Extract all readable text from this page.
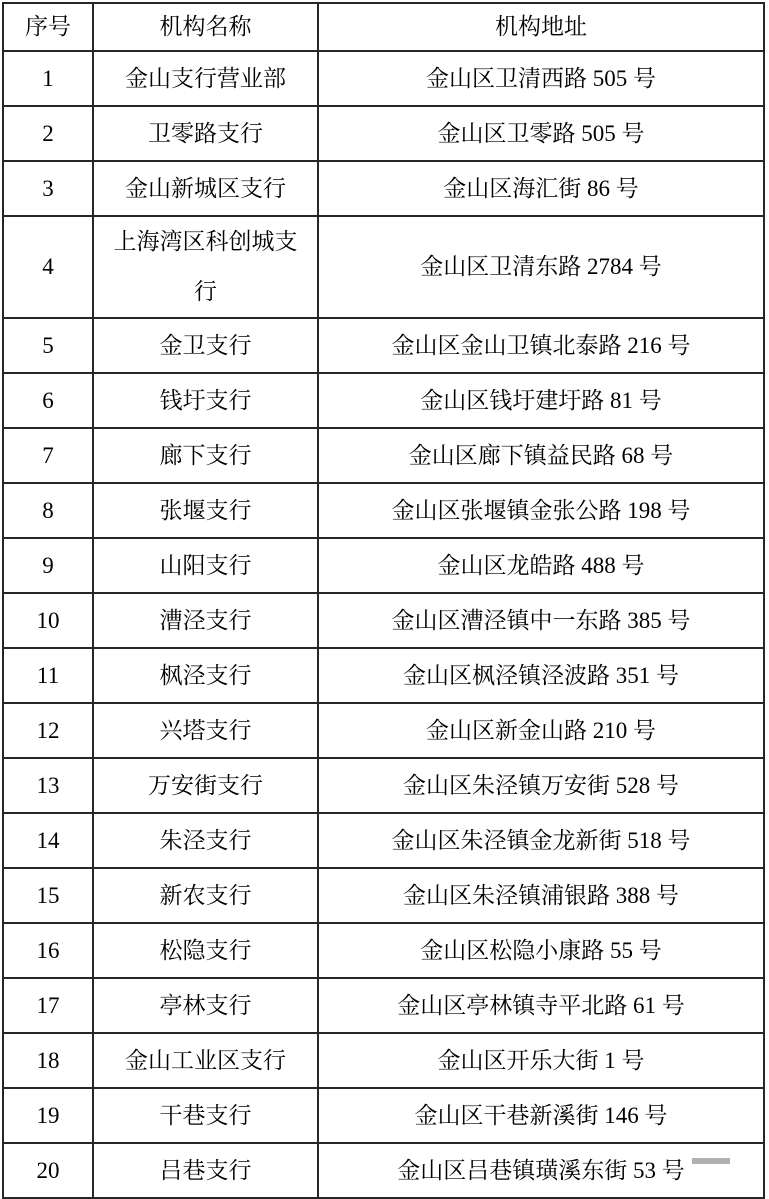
序号	机构名称	机构地址
1	金山支行营业部	金山区卫清西路 505 号
2	卫零路支行	金山区卫零路 505 号
3	金山新城区支行	金山区海汇街 86 号
4	上海湾区科创城支行	金山区卫清东路 2784 号
5	金卫支行	金山区金山卫镇北泰路 216 号
6	钱圩支行	金山区钱圩建圩路 81 号
7	廊下支行	金山区廊下镇益民路 68 号
8	张堰支行	金山区张堰镇金张公路 198 号
9	山阳支行	金山区龙皓路 488 号
10	漕泾支行	金山区漕泾镇中一东路 385 号
11	枫泾支行	金山区枫泾镇泾波路 351 号
12	兴塔支行	金山区新金山路 210 号
13	万安街支行	金山区朱泾镇万安街 528 号
14	朱泾支行	金山区朱泾镇金龙新街 518 号
15	新农支行	金山区朱泾镇浦银路 388 号
16	松隐支行	金山区松隐小康路 55 号
17	亭林支行	金山区亭林镇寺平北路 61 号
18	金山工业区支行	金山区开乐大街 1 号
19	干巷支行	金山区干巷新溪街 146 号
20	吕巷支行	金山区吕巷镇璜溪东街 53 号
